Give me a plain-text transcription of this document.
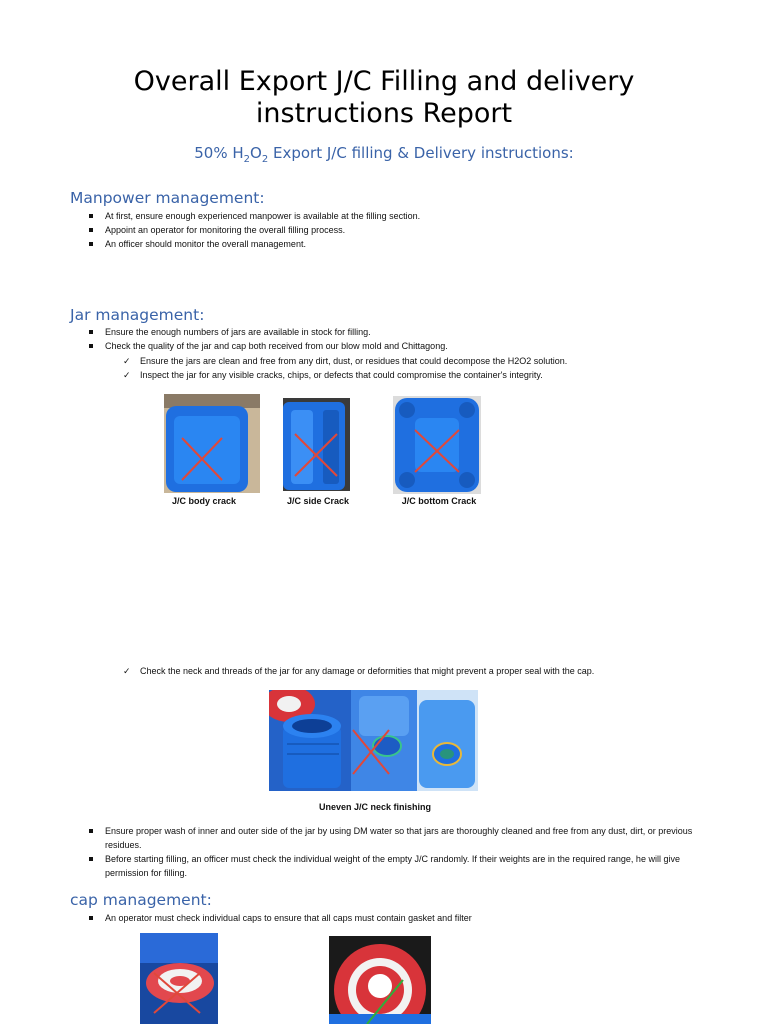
Overall Export J/C Filling and delivery
instructions Report
50% $H_2O_2$ Export J/C filling & Delivery instructions:
Manpower management:
At first, ensure enough experienced manpower is available at the filling section.
Appoint an operator for monitoring the overall filling process.
An officer should monitor the overall management.
Jar management:
Ensure the enough numbers of jars are available in stock for filling.
Check the quality of the jar and cap both received from our blow mold and Chittagong.
✓ Ensure the jars are clean and free from any dirt, dust, or residues that could decompose the H2O2 solution.
✓ Inspect the jar for any visible cracks, chips, or defects that could compromise the container's integrity.
J/C body crack	J/C side Crack	J/C bottom Crack
✓ Check the neck and threads of the jar for any damage or deformities that might prevent a proper seal with the cap.
Uneven J/C neck finishing
Ensure proper wash of inner and outer side of the jar by using DM water so that jars are thoroughly cleaned and free from any dust, dirt, or previous residues.
Before starting filling, an officer must check the individual weight of the empty J/C randomly. If their weights are in the required range, he will give permission for filling.
cap management:
An operator must check individual caps to ensure that all caps must contain gasket and filter
